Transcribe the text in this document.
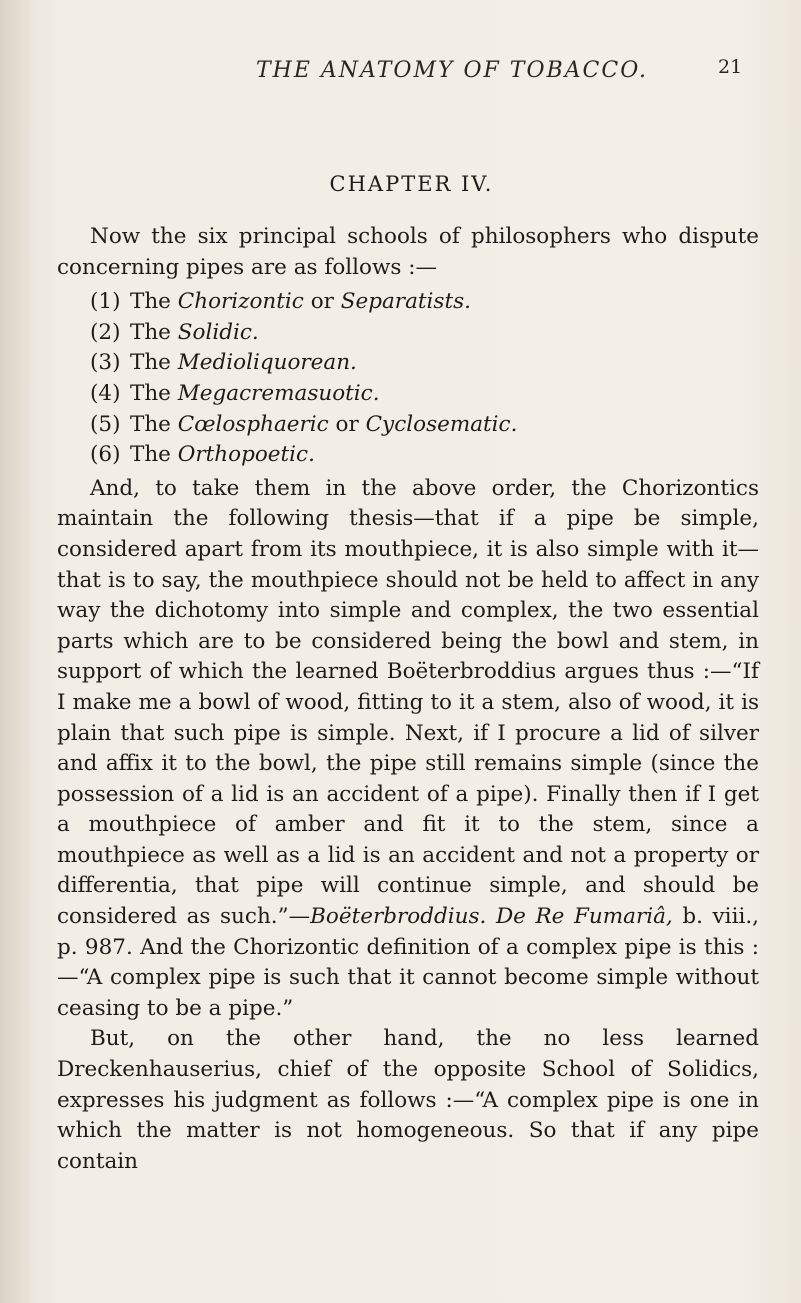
THE ANATOMY OF TOBACCO.	21
CHAPTER IV.

Now the six principal schools of philosophers who dispute concerning pipes are as follows :—

(1) The Chorizontic or Separatists.
(2) The Solidic.
(3) The Medioliquorean.
(4) The Megacremasuotic.
(5) The Cœlosphaeric or Cyclosematic.
(6) The Orthopoetic.

And, to take them in the above order, the Chorizontics maintain the following thesis—that if a pipe be simple, considered apart from its mouthpiece, it is also simple with it—that is to say, the mouthpiece should not be held to affect in any way the dichotomy into simple and complex, the two essential parts which are to be considered being the bowl and stem, in support of which the learned Boëterbroddius argues thus :—“If I make me a bowl of wood, fitting to it a stem, also of wood, it is plain that such pipe is simple. Next, if I procure a lid of silver and affix it to the bowl, the pipe still remains simple (since the possession of a lid is an accident of a pipe). Finally then if I get a mouthpiece of amber and fit it to the stem, since a mouthpiece as well as a lid is an accident and not a property or differentia, that pipe will continue simple, and should be considered as such.”—Boëterbroddius. De Re Fumariâ, b. viii., p. 987. And the Chorizontic definition of a complex pipe is this :—“A complex pipe is such that it cannot become simple without ceasing to be a pipe.”

But, on the other hand, the no less learned Dreckenhauserius, chief of the opposite School of Solidics, expresses his judgment as follows :—“A complex pipe is one in which the matter is not homogeneous. So that if any pipe contain
